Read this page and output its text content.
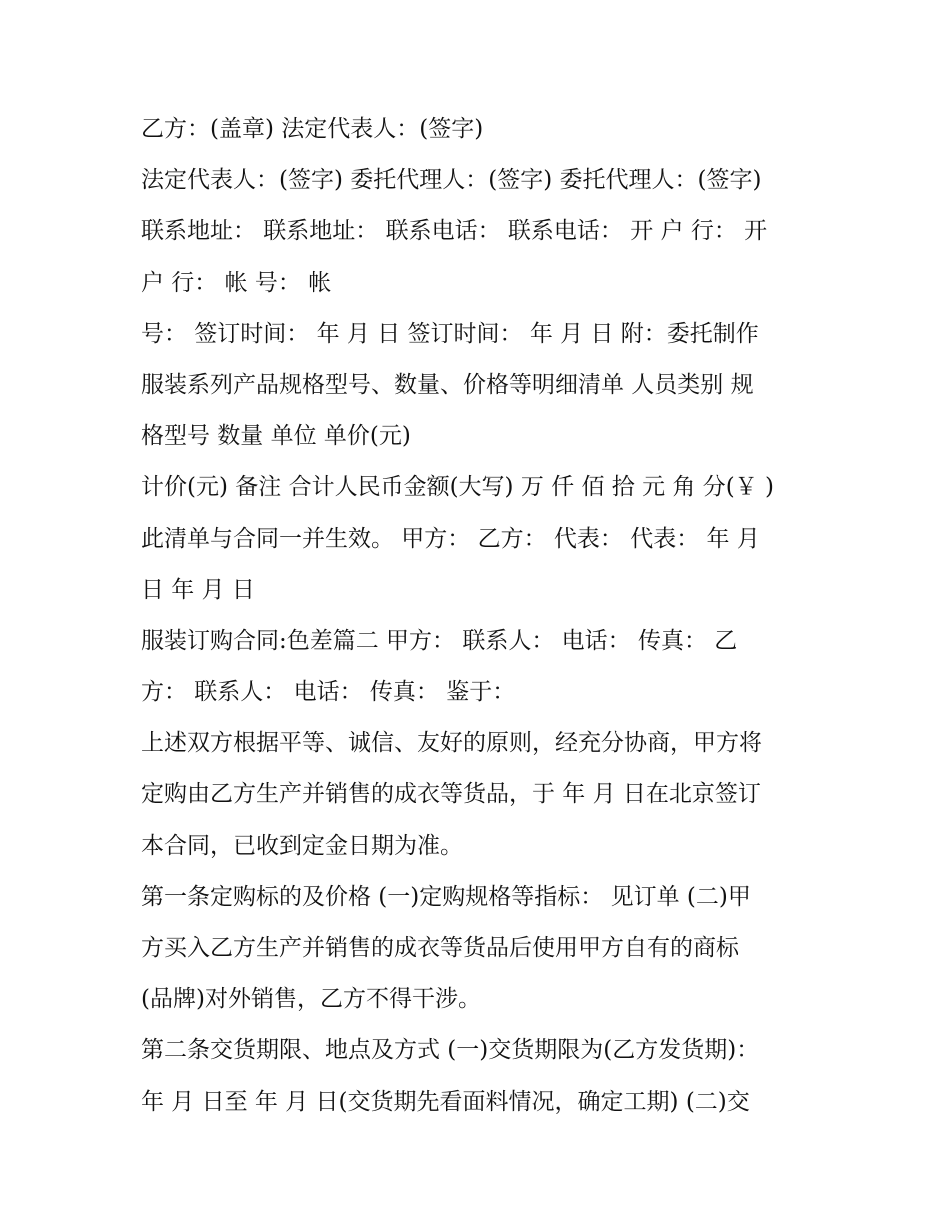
乙方：(盖章) 法定代表人：(签字)
法定代表人：(签字) 委托代理人：(签字) 委托代理人：(签字)
联系地址： 联系地址： 联系电话： 联系电话： 开 户 行： 开
户 行： 帐 号： 帐
号： 签订时间： 年 月 日 签订时间： 年 月 日 附：委托制作
服装系列产品规格型号、数量、价格等明细清单 人员类别 规
格型号 数量 单位 单价(元)
计价(元) 备注 合计人民币金额(大写) 万 仟 佰 拾 元 角 分(￥ )
此清单与合同一并生效。 甲方： 乙方： 代表： 代表： 年 月
日 年 月 日
服装订购合同:色差篇二 甲方： 联系人： 电话： 传真： 乙
方： 联系人： 电话： 传真： 鉴于：
上述双方根据平等、诚信、友好的原则，经充分协商，甲方将
定购由乙方生产并销售的成衣等货品，于 年 月 日在北京签订
本合同，已收到定金日期为准。
第一条定购标的及价格 (一)定购规格等指标： 见订单 (二)甲
方买入乙方生产并销售的成衣等货品后使用甲方自有的商标
(品牌)对外销售，乙方不得干涉。
第二条交货期限、地点及方式 (一)交货期限为(乙方发货期)：
年 月 日至 年 月 日(交货期先看面料情况，确定工期) (二)交
